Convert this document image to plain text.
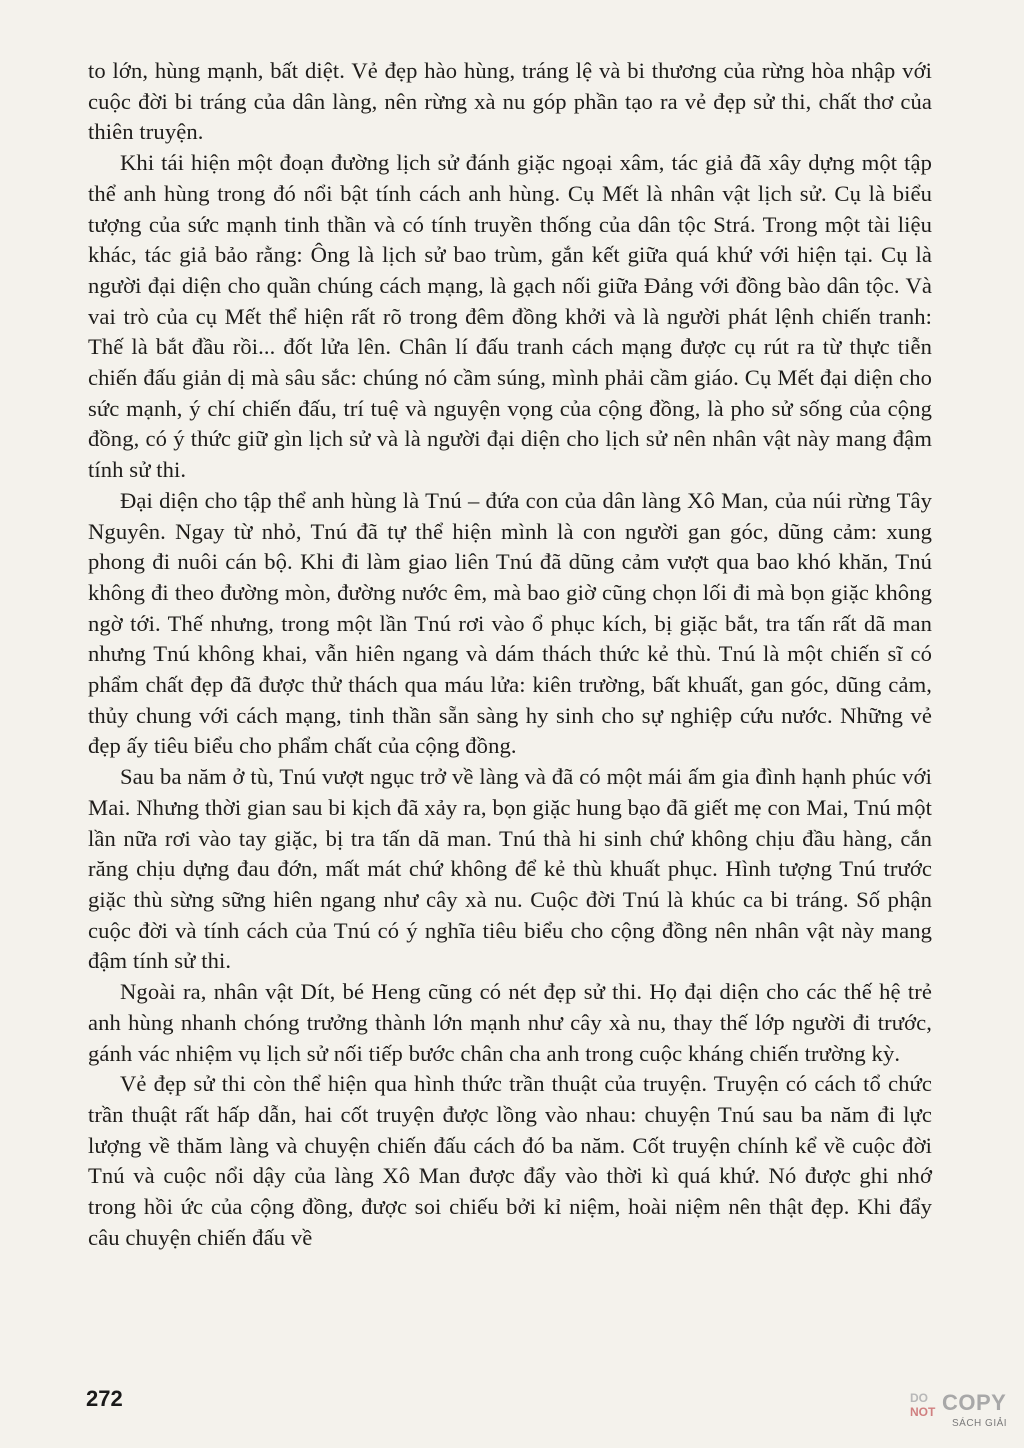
to lớn, hùng mạnh, bất diệt. Vẻ đẹp hào hùng, tráng lệ và bi thương của rừng hòa nhập với cuộc đời bi tráng của dân làng, nên rừng xà nu góp phần tạo ra vẻ đẹp sử thi, chất thơ của thiên truyện.

Khi tái hiện một đoạn đường lịch sử đánh giặc ngoại xâm, tác giả đã xây dựng một tập thể anh hùng trong đó nổi bật tính cách anh hùng. Cụ Mết là nhân vật lịch sử. Cụ là biểu tượng của sức mạnh tinh thần và có tính truyền thống của dân tộc Strá. Trong một tài liệu khác, tác giả bảo rằng: Ông là lịch sử bao trùm, gắn kết giữa quá khứ với hiện tại. Cụ là người đại diện cho quần chúng cách mạng, là gạch nối giữa Đảng với đồng bào dân tộc. Và vai trò của cụ Mết thể hiện rất rõ trong đêm đồng khởi và là người phát lệnh chiến tranh: Thế là bắt đầu rồi... đốt lửa lên. Chân lí đấu tranh cách mạng được cụ rút ra từ thực tiễn chiến đấu giản dị mà sâu sắc: chúng nó cầm súng, mình phải cầm giáo. Cụ Mết đại diện cho sức mạnh, ý chí chiến đấu, trí tuệ và nguyện vọng của cộng đồng, là pho sử sống của cộng đồng, có ý thức giữ gìn lịch sử và là người đại diện cho lịch sử nên nhân vật này mang đậm tính sử thi.

Đại diện cho tập thể anh hùng là Tnú – đứa con của dân làng Xô Man, của núi rừng Tây Nguyên. Ngay từ nhỏ, Tnú đã tự thể hiện mình là con người gan góc, dũng cảm: xung phong đi nuôi cán bộ. Khi đi làm giao liên Tnú đã dũng cảm vượt qua bao khó khăn, Tnú không đi theo đường mòn, đường nước êm, mà bao giờ cũng chọn lối đi mà bọn giặc không ngờ tới. Thế nhưng, trong một lần Tnú rơi vào ổ phục kích, bị giặc bắt, tra tấn rất dã man nhưng Tnú không khai, vẫn hiên ngang và dám thách thức kẻ thù. Tnú là một chiến sĩ có phẩm chất đẹp đã được thử thách qua máu lửa: kiên trường, bất khuất, gan góc, dũng cảm, thủy chung với cách mạng, tinh thần sẵn sàng hy sinh cho sự nghiệp cứu nước. Những vẻ đẹp ấy tiêu biểu cho phẩm chất của cộng đồng.

Sau ba năm ở tù, Tnú vượt ngục trở về làng và đã có một mái ấm gia đình hạnh phúc với Mai. Nhưng thời gian sau bi kịch đã xảy ra, bọn giặc hung bạo đã giết mẹ con Mai, Tnú một lần nữa rơi vào tay giặc, bị tra tấn dã man. Tnú thà hi sinh chứ không chịu đầu hàng, cắn răng chịu dựng đau đớn, mất mát chứ không để kẻ thù khuất phục. Hình tượng Tnú trước giặc thù sừng sững hiên ngang như cây xà nu. Cuộc đời Tnú là khúc ca bi tráng. Số phận cuộc đời và tính cách của Tnú có ý nghĩa tiêu biểu cho cộng đồng nên nhân vật này mang đậm tính sử thi.

Ngoài ra, nhân vật Dít, bé Heng cũng có nét đẹp sử thi. Họ đại diện cho các thế hệ trẻ anh hùng nhanh chóng trưởng thành lớn mạnh như cây xà nu, thay thế lớp người đi trước, gánh vác nhiệm vụ lịch sử nối tiếp bước chân cha anh trong cuộc kháng chiến trường kỳ.

Vẻ đẹp sử thi còn thể hiện qua hình thức trần thuật của truyện. Truyện có cách tổ chức trần thuật rất hấp dẫn, hai cốt truyện được lồng vào nhau: chuyện Tnú sau ba năm đi lực lượng về thăm làng và chuyện chiến đấu cách đó ba năm. Cốt truyện chính kể về cuộc đời Tnú và cuộc nổi dậy của làng Xô Man được đẩy vào thời kì quá khứ. Nó được ghi nhớ trong hồi ức của cộng đồng, được soi chiếu bởi kỉ niệm, hoài niệm nên thật đẹp. Khi đẩy câu chuyện chiến đấu về

272	DO
NOT COPY
SÁCH GIẢI
